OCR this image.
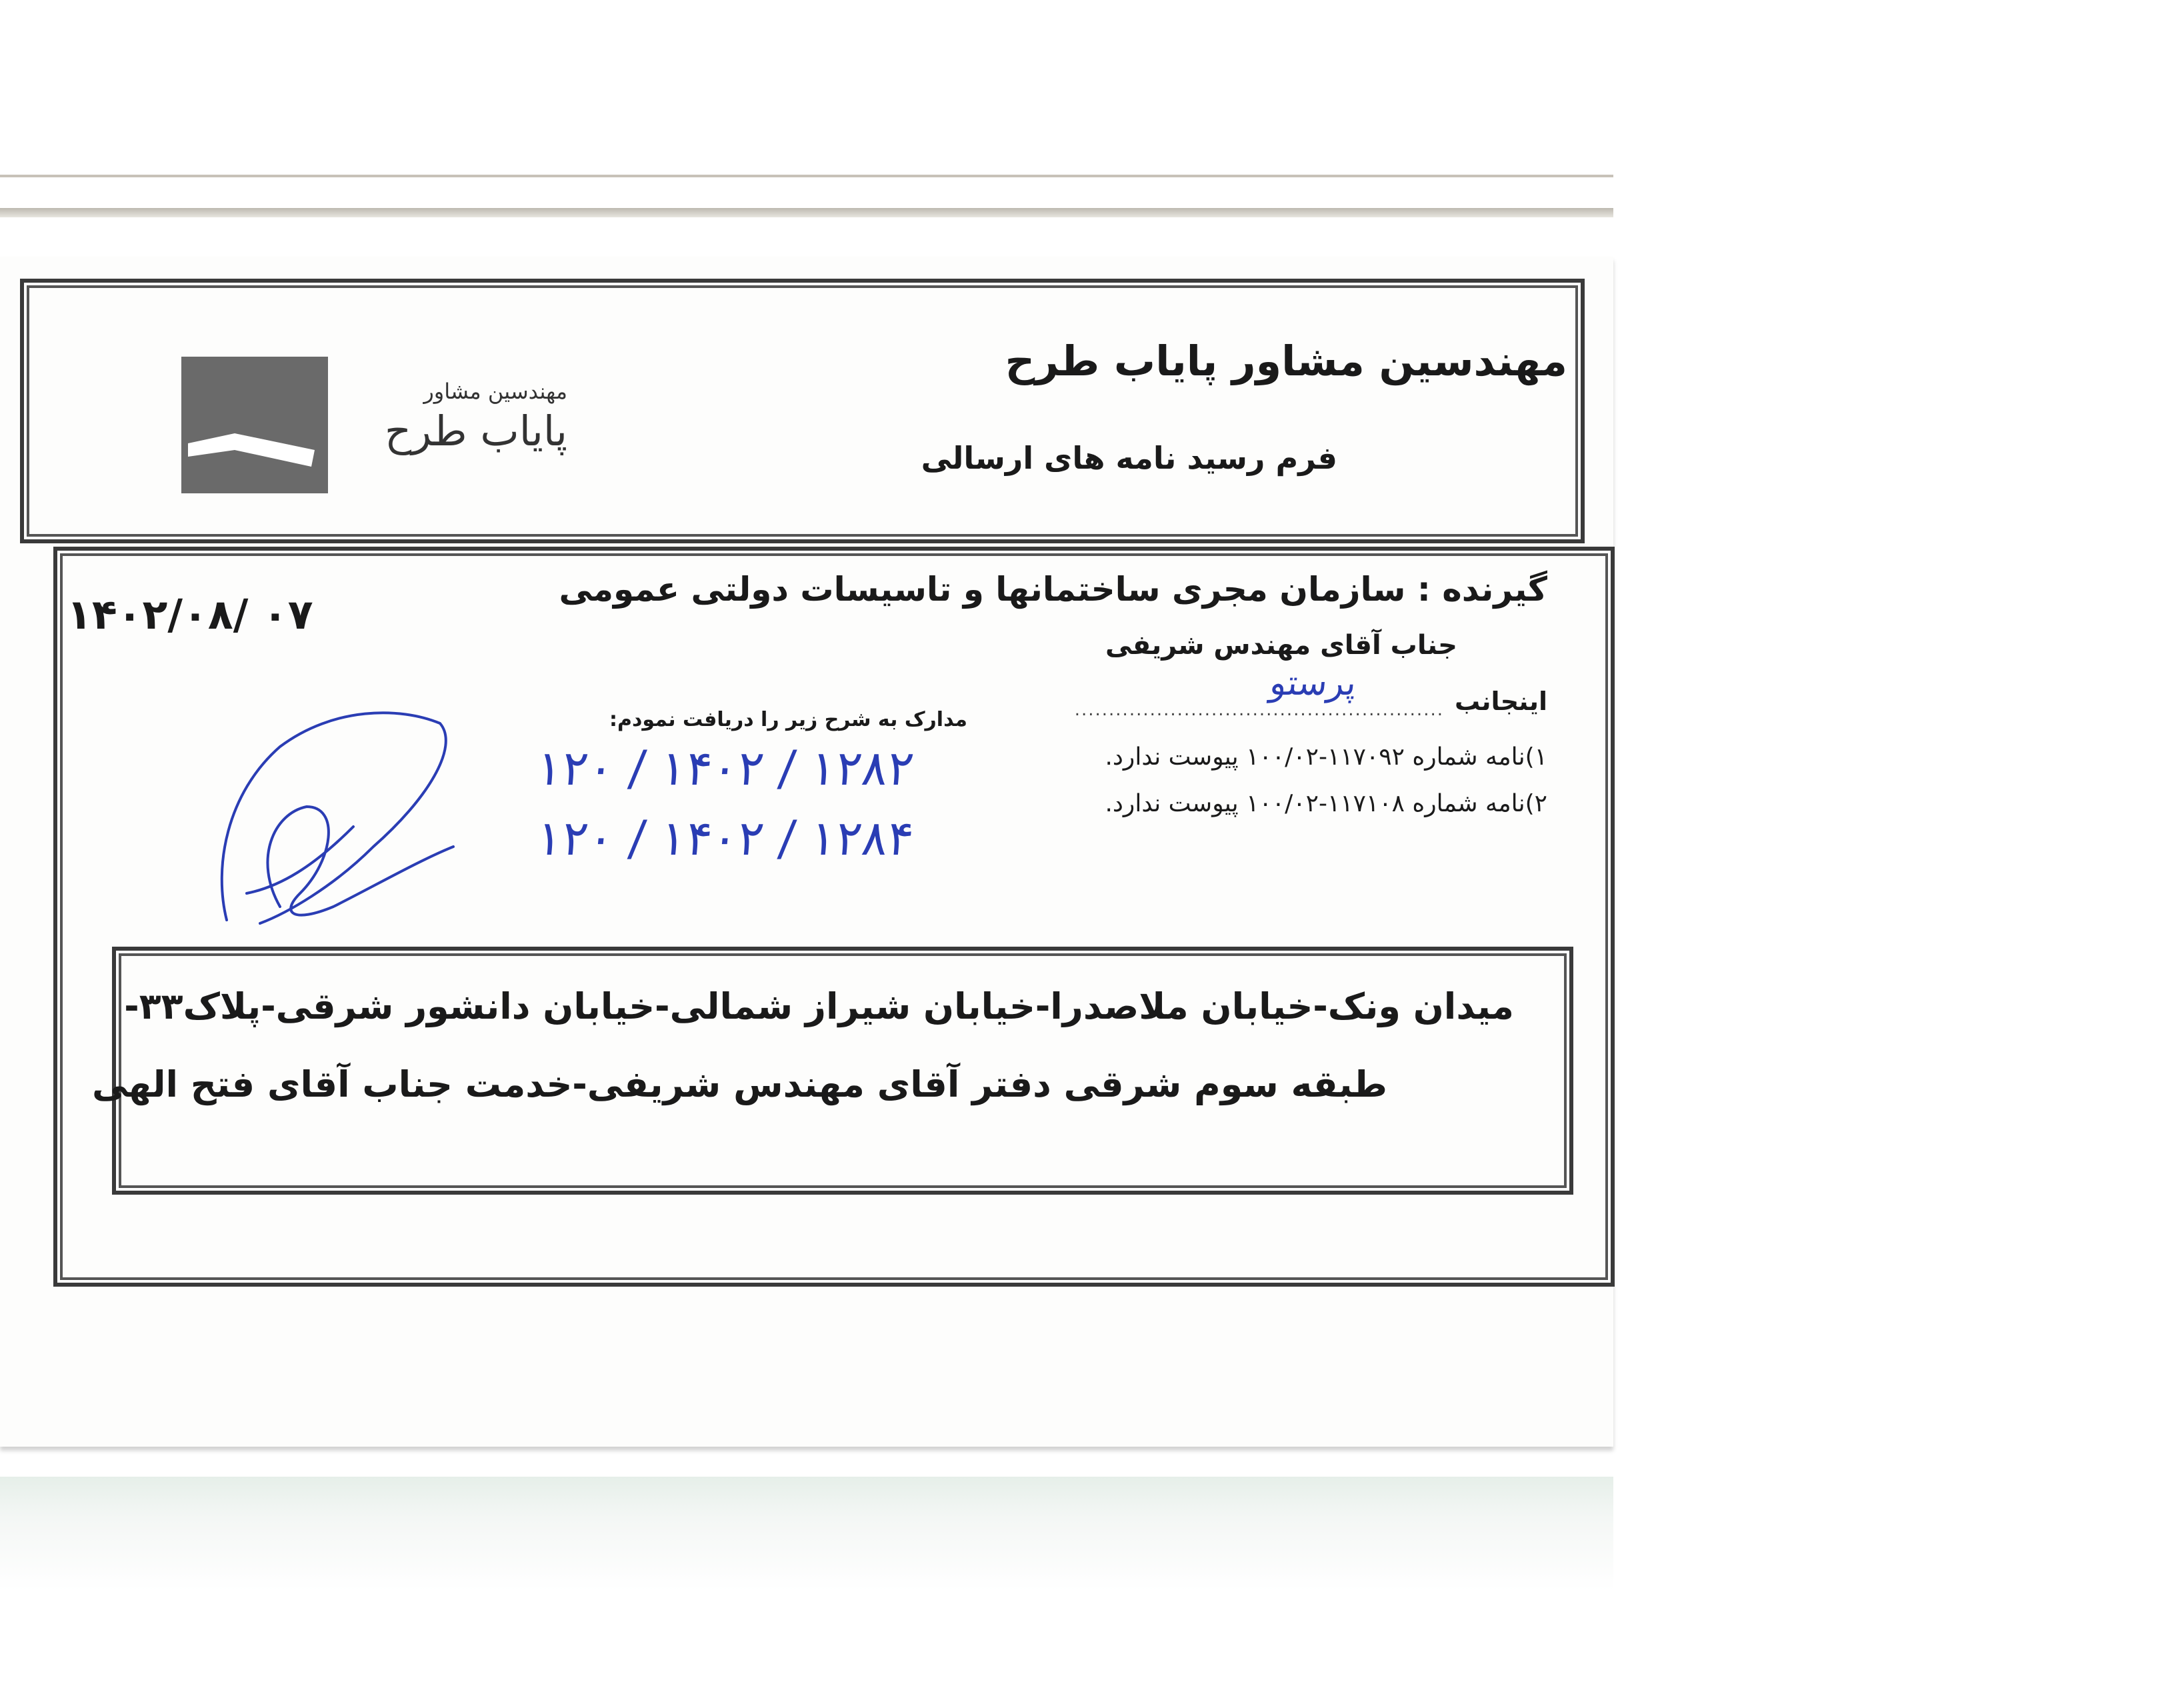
مهندسین مشاور پایاب طرح
فرم رسید نامه های ارسالی
مهندسین مشاور
پایاب طرح
گیرنده : سازمان مجری ساختمانها و تاسیسات دولتی عمومی
جناب آقای مهندس شریفی
۱۴۰۲/۰۸/ ۰۷
اینجانب
......................................................
مدارک به شرح زیر را دریافت نمودم:
پرستو
۱)نامه شماره ۱۱۷۰۹۲-۱۰۰/۰۲ پیوست ندارد.
۲)نامه شماره ۱۱۷۱۰۸-۱۰۰/۰۲ پیوست ندارد.
۱۲۸۲ / ۱۴۰۲ / ۱۲۰
۱۲۸۴ / ۱۴۰۲ / ۱۲۰
میدان ونک-خیابان ملاصدرا-خیابان شیراز شمالی-خیابان دانشور شرقی-پلاک۳۳-
طبقه سوم شرقی دفتر آقای مهندس شریفی-خدمت جناب آقای فتح الهی
